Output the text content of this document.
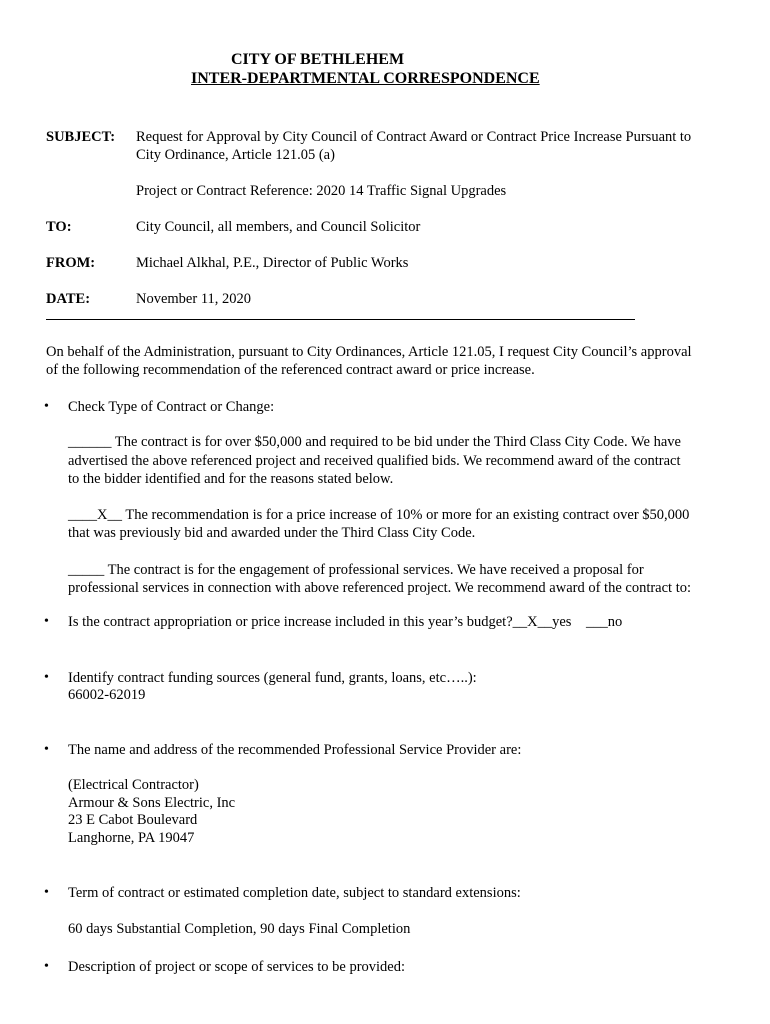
CITY OF BETHLEHEM
INTER-DEPARTMENTAL CORRESPONDENCE
SUBJECT: Request for Approval by City Council of Contract Award or Contract Price Increase Pursuant to
City Ordinance, Article 121.05 (a)
Project or Contract Reference: 2020 14 Traffic Signal Upgrades
TO:	City Council, all members, and Council Solicitor
FROM:	Michael Alkhal, P.E., Director of Public Works
DATE:	November 11, 2020
On behalf of the Administration, pursuant to City Ordinances, Article 121.05, I request City Council’s approval
of the following recommendation of the referenced contract award or price increase.
• Check Type of Contract or Change:
______ The contract is for over $50,000 and required to be bid under the Third Class City Code. We have
advertised the above referenced project and received qualified bids. We recommend award of the contract
to the bidder identified and for the reasons stated below.
____X__ The recommendation is for a price increase of 10% or more for an existing contract over $50,000
that was previously bid and awarded under the Third Class City Code.
_____ The contract is for the engagement of professional services. We have received a proposal for
professional services in connection with above referenced project. We recommend award of the contract to:
• Is the contract appropriation or price increase included in this year’s budget?__X__yes ___no
• Identify contract funding sources (general fund, grants, loans, etc…..):
66002-62019
• The name and address of the recommended Professional Service Provider are:
(Electrical Contractor)
Armour & Sons Electric, Inc
23 E Cabot Boulevard
Langhorne, PA 19047
• Term of contract or estimated completion date, subject to standard extensions:
60 days Substantial Completion, 90 days Final Completion
• Description of project or scope of services to be provided:
